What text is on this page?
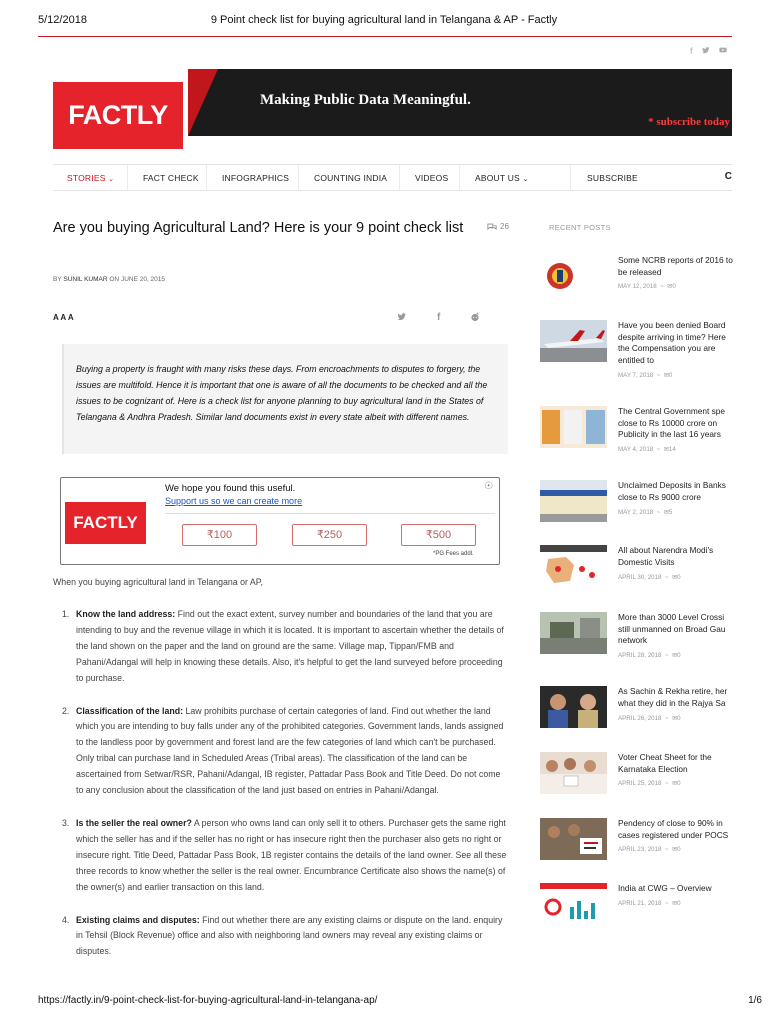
5/12/2018	9 Point check list for buying agricultural land in Telangana & AP - Factly
f
FACTLY	Making Public Data Meaningful.
* subscribe today
STORIES ⌄	FACT CHECK	INFOGRAPHICS	COUNTING INDIA	VIDEOS	ABOUT US ⌄	SUBSCRIBE	C
Are you buying Agricultural Land? Here is your 9 point check list	26
BY SUNIL KUMAR ON JUNE 20, 2015
A A A	f

Buying a property is fraught with many risks these days. From encroachments to disputes to forgery, the issues are multifold. Hence it is important that one is aware of all the documents to be checked and all the issues to be cognizant of. Here is a check list for anyone planning to buy agricultural land in the States of Telangana & Andhra Pradesh. Similar land documents exist in every state albeit with different names.

FACTLY
We hope you found this useful.
Support us so we can create more
☉
₹100	₹250	₹500
*PG Fees addl.

When you buying agricultural land in Telangana or AP,

1. Know the land address: Find out the exact extent, survey number and boundaries of the land that you are intending to buy and the revenue village in which it is located. It is important to ascertain whether the details of the land shown on the paper and the land on ground are the same. Village map, Tippan/FMB and Pahani/Adangal will help in knowing these details. Also, it's helpful to get the land surveyed before proceeding to purchase.
2. Classification of the land: Law prohibits purchase of certain categories of land. Find out whether the land which you are intending to buy falls under any of the prohibited categories. Government lands, lands assigned to the landless poor by government and forest land are the few categories of land which can't be purchased. Only tribal can purchase land in Scheduled Areas (Tribal areas). The classification of the land can be ascertained from Setwar/RSR, Pahani/Adangal, IB register, Pattadar Pass Book and Title Deed. Do not come to any conclusion about the classification of the land just based on entries in Pahani/Adangal.
3. Is the seller the real owner? A person who owns land can only sell it to others. Purchaser gets the same right which the seller has and if the seller has no right or has insecure right then the purchaser also gets no right or insecure right. Title Deed, Pattadar Pass Book, 1B register contains the details of the land owner. See all these three records to know whether the seller is the real owner. Encumbrance Certificate also shows the name(s) of the owner(s) and earlier transaction on this land.
4. Existing claims and disputes: Find out whether there are any existing claims or dispute on the land. enquiry in Tehsil (Block Revenue) office and also with neighboring land owners may reveal any existing claims or disputes.
RECENT POSTS
Some NCRB reports of 2016 to be released
MAY 12, 2018  ~  ✉0
Have you been denied Board despite arriving in time? Here the Compensation you are entitled to
MAY 7, 2018  ~  ✉0
The Central Government spe close to Rs 10000 crore on Publicity in the last 16 years
MAY 4, 2018  ~  ✉14
Unclaimed Deposits in Banks close to Rs 9000 crore
MAY 2, 2018  ~  ✉5
All about Narendra Modi's Domestic Visits
APRIL 30, 2018  ~  ✉0
More than 3000 Level Crossi still unmanned on Broad Gau network
APRIL 28, 2018  ~  ✉0
As Sachin & Rekha retire, her what they did in the Rajya Sa
APRIL 26, 2018  ~  ✉0
Voter Cheat Sheet for the Karnataka Election
APRIL 25, 2018  ~  ✉0
Pendency of close to 90% in cases registered under POCS
APRIL 23, 2018  ~  ✉0
India at CWG – Overview
APRIL 21, 2018  ~  ✉0
https://factly.in/9-point-check-list-for-buying-agricultural-land-in-telangana-ap/	1/6
